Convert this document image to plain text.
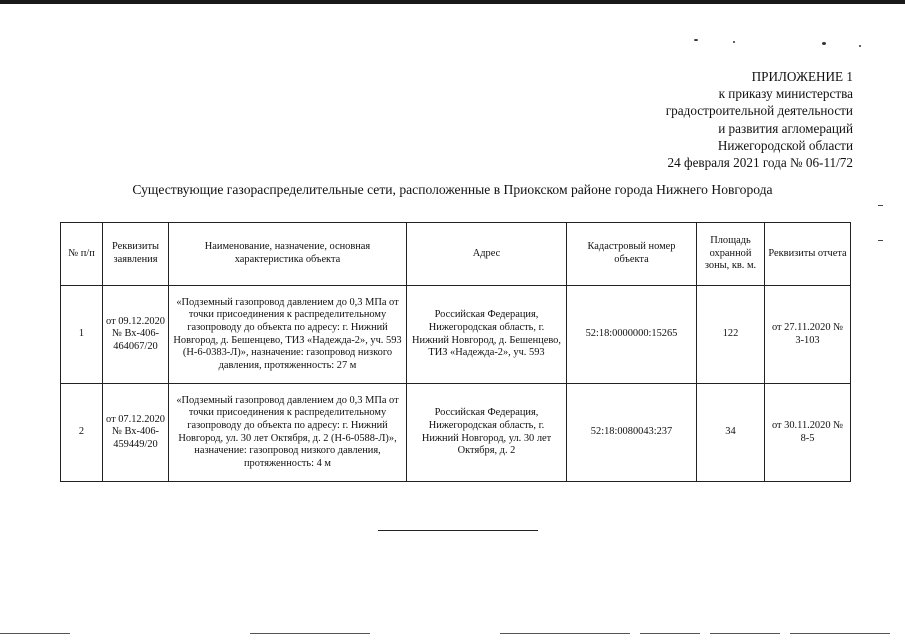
ПРИЛОЖЕНИЕ 1
к приказу министерства
градостроительной деятельности
и развития агломераций
Нижегородской области
24 февраля 2021 года № 06-11/72
Существующие газораспределительные сети, расположенные в Приокском районе города Нижнего Новгорода
№ п/п	Реквизиты заявления	Наименование, назначение, основная характеристика объекта	Адрес	Кадастровый номер объекта	Площадь охранной зоны, кв. м.	Реквизиты отчета
1	от 09.12.2020 № Вх-406-464067/20	«Подземный газопровод давлением до 0,3 МПа от точки присоединения к распределительному газопроводу до объекта по адресу: г. Нижний Новгород, д. Бешенцево, ТИЗ «Надежда-2», уч. 593 (Н-6-0383-Л)», назначение: газопровод низкого давления, протяженность: 27 м	Российская Федерация, Нижегородская область, г. Нижний Новгород, д. Бешенцево, ТИЗ «Надежда-2», уч. 593	52:18:0000000:15265	122	от 27.11.2020 № 3-103
2	от 07.12.2020 № Вх-406-459449/20	«Подземный газопровод давлением до 0,3 МПа от точки присоединения к распределительному газопроводу до объекта по адресу: г. Нижний Новгород, ул. 30 лет Октября, д. 2 (Н-6-0588-Л)», назначение: газопровод низкого давления, протяженность: 4 м	Российская Федерация, Нижегородская область, г. Нижний Новгород, ул. 30 лет Октября, д. 2	52:18:0080043:237	34	от 30.11.2020 № 8-5
